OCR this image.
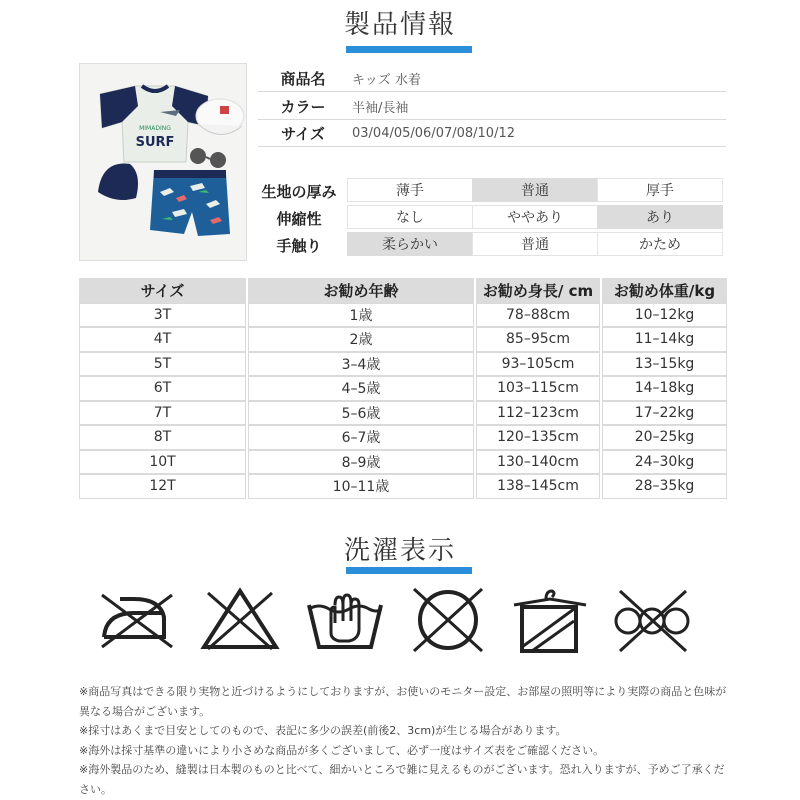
製品情報
MIMADING
SURF
商品名	キッズ 水着
カラー	半袖/長袖
サイズ	03/04/05/06/07/08/10/12
生地の厚み	薄手	普通	厚手
伸縮性	なし	ややあり	あり
手触り	柔らかい	普通	かため
サイズ	お勧め年齢	お勧め身長/ cm	お勧め体重/kg
3T	1歳	78–88cm	10–12kg
4T	2歳	85–95cm	11–14kg
5T	3–4歳	93–105cm	13–15kg
6T	4–5歳	103–115cm	14–18kg
7T	5–6歳	112–123cm	17–22kg
8T	6–7歳	120–135cm	20–25kg
10T	8–9歳	130–140cm	24–30kg
12T	10–11歳	138–145cm	28–35kg
洗濯表示

※商品写真はできる限り実物と近づけるようにしておりますが、お使いのモニター設定、お部屋の照明等により実際の商品と色味が異なる場合がございます。

※採寸はあくまで目安としてのもので、表記に多少の誤差(前後2、3cm)が生じる場合があります。

※海外は採寸基準の違いにより小さめな商品が多くございまして、必ず一度はサイズ表をご確認ください。

※海外製品のため、縫製は日本製のものと比べて、細かいところで雑に見えるものがございます。恐れ入りますが、予めご了承ください。
